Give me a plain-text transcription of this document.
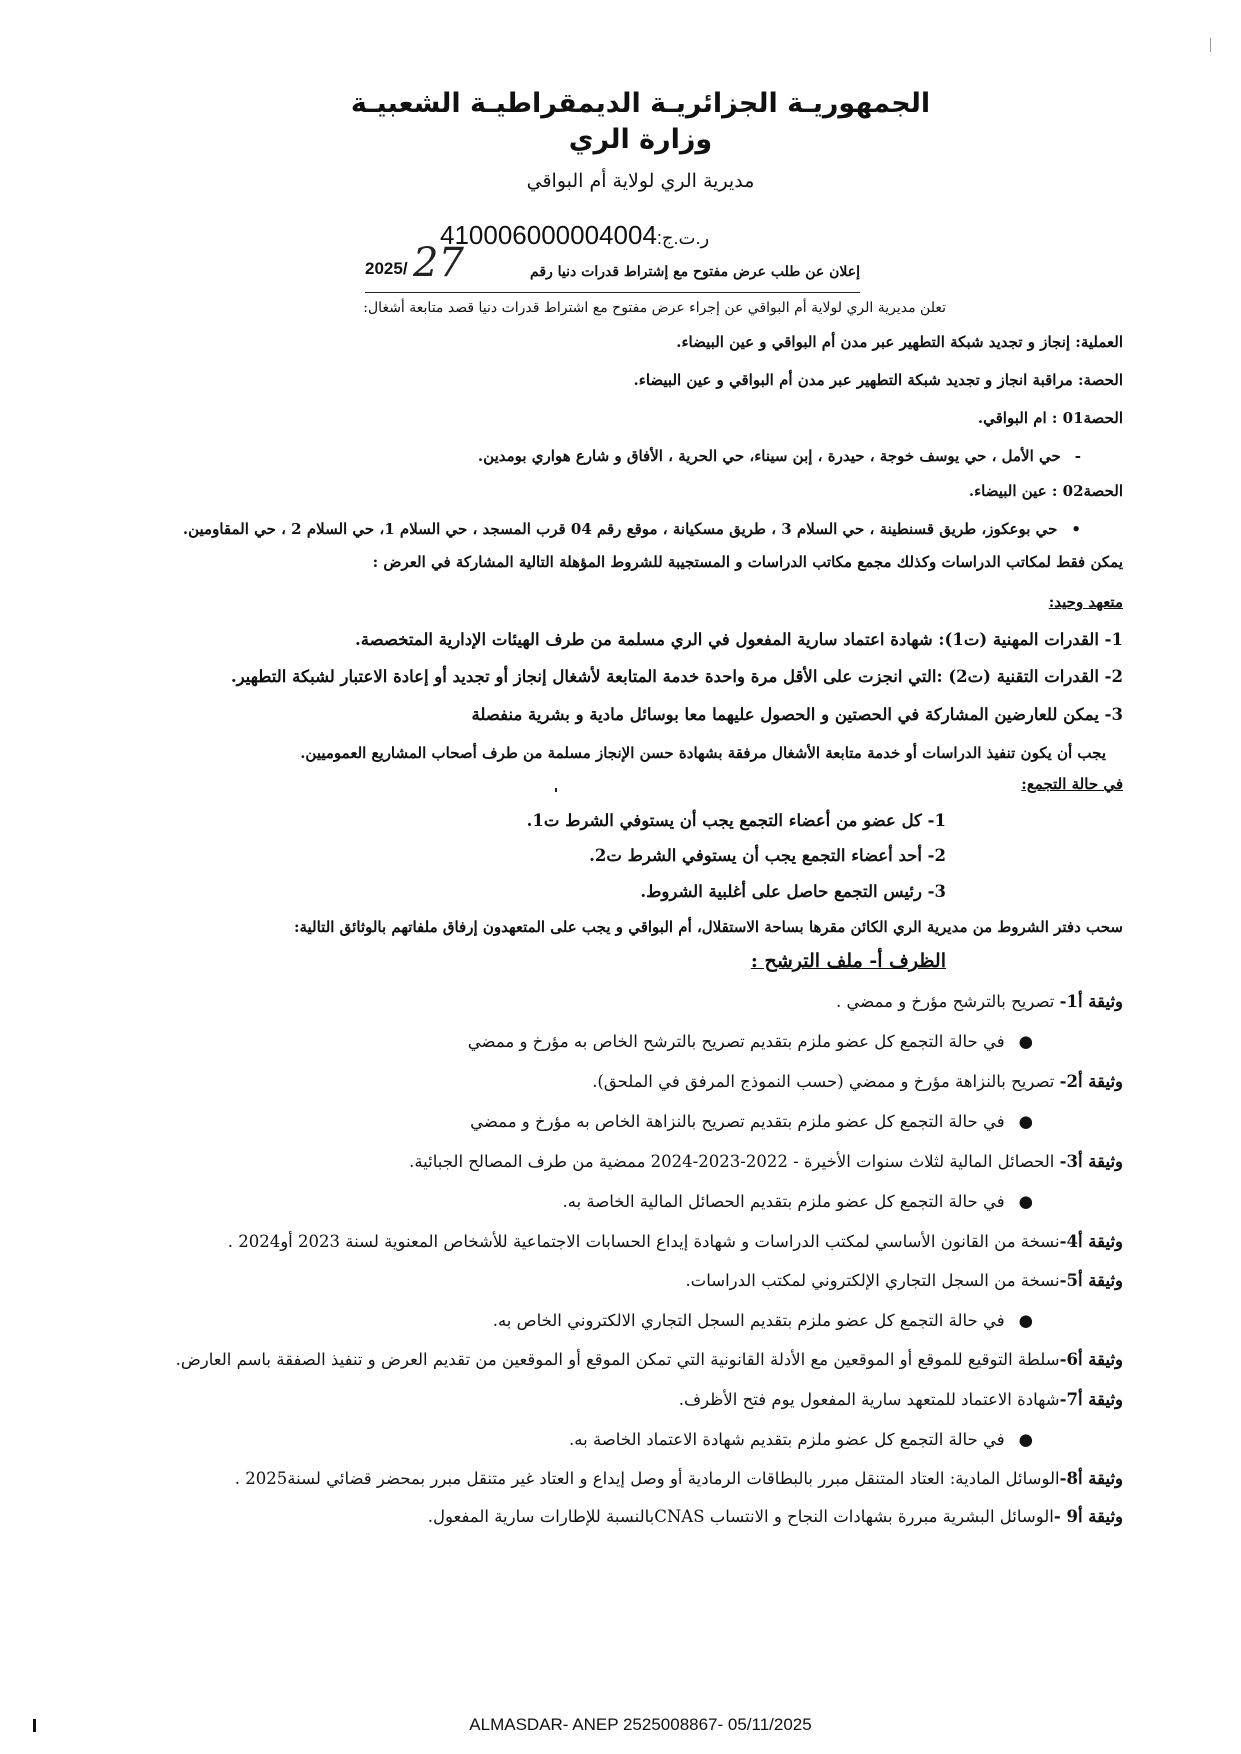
الجمهوريـة الجزائريـة الديمقراطيـة الشعبيـة
وزارة الري
مديرية الري لولاية أم البواقي
410006000004004ر.ت.ج:
2025/ 27	إعلان عن طلب عرض مفتوح مع إشتراط قدرات دنيا رقم
تعلن مديرية الري لولاية أم البواقي عن إجراء عرض مفتوح مع اشتراط قدرات دنيا قصد متابعة أشغال:
العملية: إنجاز و تجديد شبكة التطهير عبر مدن أم البواقي و عين البيضاء.
الحصة: مراقبة انجاز و تجديد شبكة التطهير عبر مدن أم البواقي و عين البيضاء.
الحصة01 : ام البواقي.
-حي الأمل ، حي يوسف خوجة ، حيدرة ، إبن سيناء، حي الحرية ، الأفاق و شارع هواري بومدين.
الحصة02 : عين البيضاء.
•حي بوعكوز، طريق قسنطينة ، حي السلام 3 ، طريق مسكيانة ، موقع رقم 04 قرب المسجد ، حي السلام 1، حي السلام 2 ، حي المقاومين.
يمكن فقط لمكاتب الدراسات وكذلك مجمع مكاتب الدراسات و المستجيبة للشروط المؤهلة التالية المشاركة في العرض :
متعهد وحيد:
1- القدرات المهنية (ت1): شهادة اعتماد سارية المفعول في الري مسلمة من طرف الهيئات الإدارية المتخصصة.
2- القدرات التقنية (ت2) :التي انجزت على الأقل مرة واحدة خدمة المتابعة لأشغال إنجاز أو تجديد أو إعادة الاعتبار لشبكة التطهير.
3- يمكن للعارضين المشاركة في الحصتين و الحصول عليهما معا بوسائل مادية و بشرية منفصلة
يجب أن يكون تنفيذ الدراسات أو خدمة متابعة الأشغال مرفقة بشهادة حسن الإنجاز مسلمة من طرف أصحاب المشاريع العموميين.
في حالة التجمع:
1- كل عضو من أعضاء التجمع يجب أن يستوفي الشرط ت1.
2- أحد أعضاء التجمع يجب أن يستوفي الشرط ت2.
3- رئيس التجمع حاصل على أغلبية الشروط.
سحب دفتر الشروط من مديرية الري الكائن مقرها بساحة الاستقلال، أم البواقي و يجب على المتعهدون إرفاق ملفاتهم بالوثائق التالية:
الظرف أ- ملف الترشح :
وثيقة أ1- تصريح بالترشح مؤرخ و ممضي .
●في حالة التجمع كل عضو ملزم بتقديم تصريح بالترشح الخاص به مؤرخ و ممضي
وثيقة أ2- تصريح بالنزاهة مؤرخ و ممضي (حسب النموذج المرفق في الملحق).
●في حالة التجمع كل عضو ملزم بتقديم تصريح بالنزاهة الخاص به مؤرخ و ممضي
وثيقة أ3- الحصائل المالية لثلاث سنوات الأخيرة - 2022-2023-2024 ممضية من طرف المصالح الجبائية.
●في حالة التجمع كل عضو ملزم بتقديم الحصائل المالية الخاصة به.
وثيقة أ4-نسخة من القانون الأساسي لمكتب الدراسات و شهادة إيداع الحسابات الاجتماعية للأشخاص المعنوية لسنة 2023 أو2024 .
وثيقة أ5-نسخة من السجل التجاري الإلكتروني لمكتب الدراسات.
●في حالة التجمع كل عضو ملزم بتقديم السجل التجاري الالكتروني الخاص به.
وثيقة أ6-سلطة التوقيع للموقع أو الموقعين مع الأدلة القانونية التي تمكن الموقع أو الموقعين من تقديم العرض و تنفيذ الصفقة باسم العارض.
وثيقة أ7-شهادة الاعتماد للمتعهد سارية المفعول يوم فتح الأظرف.
●في حالة التجمع كل عضو ملزم بتقديم شهادة الاعتماد الخاصة به.
وثيقة أ8-الوسائل المادية: العتاد المتنقل مبرر بالبطاقات الرمادية أو وصل إيداع و العتاد غير متنقل مبرر بمحضر قضائي لسنة2025 .
وثيقة أ9 -الوسائل البشرية مبررة بشهادات النجاح و الانتساب CNASبالنسبة للإطارات سارية المفعول.
ALMASDAR- ANEP 2525008867- 05/11/2025
